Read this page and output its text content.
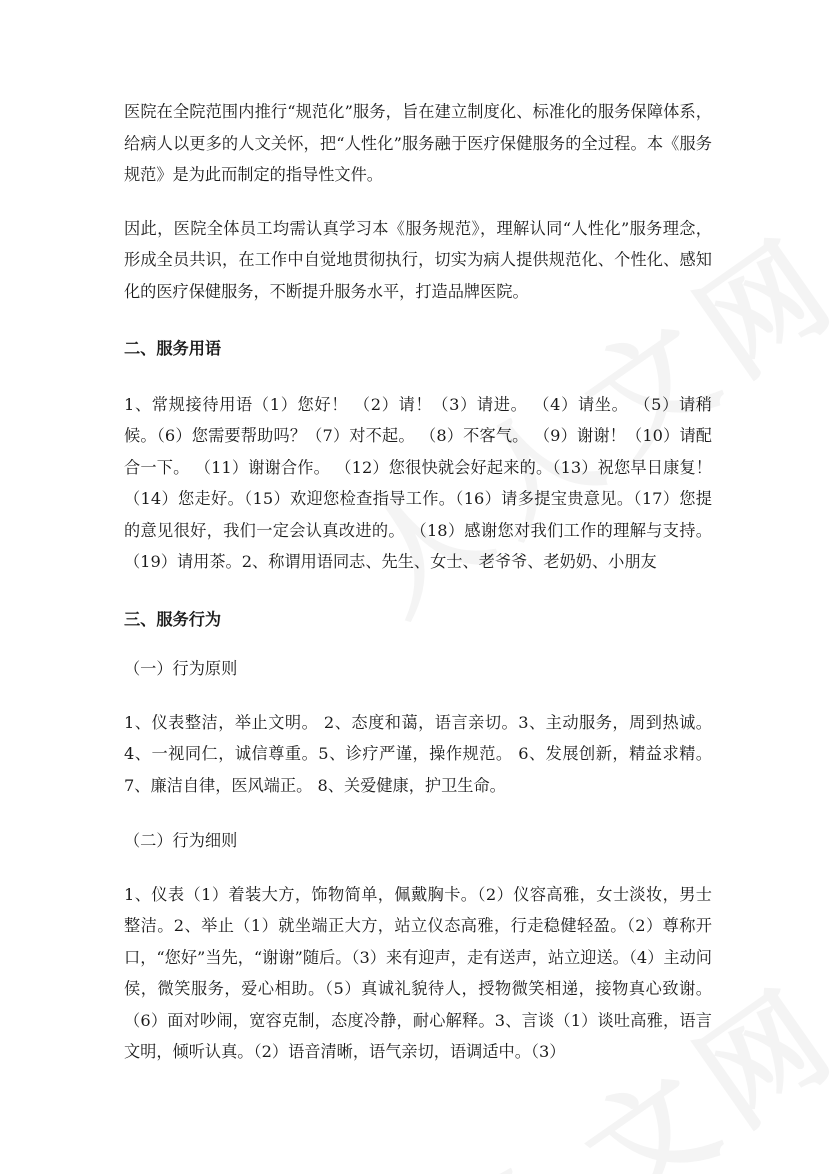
医院在全院范围内推行“规范化”服务，旨在建立制度化、标准化的服务保障体系，给病人以更多的人文关怀，把“人性化”服务融于医疗保健服务的全过程。本《服务规范》是为此而制定的指导性文件。

因此，医院全体员工均需认真学习本《服务规范》，理解认同“人性化”服务理念，形成全员共识，在工作中自觉地贯彻执行，切实为病人提供规范化、个性化、感知化的医疗保健服务，不断提升服务水平，打造品牌医院。

二、服务用语

1、常规接待用语（1）您好！ （2）请！（3）请进。 （4）请坐。 （5）请稍候。（6）您需要帮助吗？（7）对不起。 （8）不客气。 （9）谢谢！（10）请配合一下。 （11）谢谢合作。 （12）您很快就会好起来的。（13）祝您早日康复！（14）您走好。（15）欢迎您检查指导工作。（16）请多提宝贵意见。（17）您提的意见很好，我们一定会认真改进的。 （18）感谢您对我们工作的理解与支持。 （19）请用茶。2、称谓用语同志、先生、女士、老爷爷、老奶奶、小朋友

三、服务行为

（一）行为原则

1、仪表整洁，举止文明。 2、态度和蔼，语言亲切。3、主动服务，周到热诚。4、一视同仁，诚信尊重。5、诊疗严谨，操作规范。 6、发展创新，精益求精。7、廉洁自律，医风端正。 8、关爱健康，护卫生命。

（二）行为细则

1、仪表（1）着装大方，饰物简单，佩戴胸卡。（2）仪容高雅，女士淡妆，男士整洁。2、举止（1）就坐端正大方，站立仪态高雅，行走稳健轻盈。（2）尊称开口，“您好”当先，“谢谢”随后。（3）来有迎声，走有送声，站立迎送。（4）主动问侯，微笑服务，爱心相助。（5）真诚礼貌待人，授物微笑相递，接物真心致谢。（6）面对吵闹，宽容克制，态度冷静，耐心解释。3、言谈（1）谈吐高雅，语言文明，倾听认真。（2）语音清晰，语气亲切，语调适中。（3）
